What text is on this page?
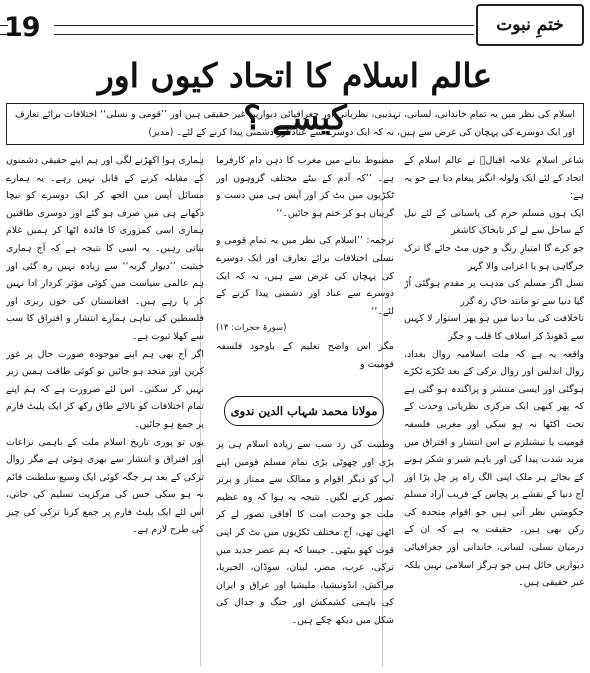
19	ختمِ نبوت
عالم اسلام کا اتحاد کیوں اور کیسے ؟
اسلام کی نظر میں یہ تمام خاندانی، لسانی، تہذیبی، نظریاتی اور جغرافیائی دیواریں غیر حقیقی ہیں اور ’’قومی و نسلی‘‘ اختلافات برائے تعارف اور ایک دوسرے کی پہچان کی غرض سے ہیں، نہ کہ ایک دوسرے سے عناد اور دشمنی پیدا کرنے کے لئے۔ (مدیر)

شاعر اسلام علامہ اقبالؒ نے عالم اسلام کے اتحاد کے لئے ایک ولولہ انگیز پیغام دیا ہے جو یہ ہے:

ایک ہوں مسلم حرم کی پاسبانی کے لئے نیل کے ساحل سے لے کر تابخاک کاشغر

جو کرے گا امتیازِ رنگ و خوں مٹ جائے گا ترک خرگاہی ہو یا اعرابی والا گہر

نسل اگر مسلم کی مذہب پر مقدم ہوگئی اُڑ گیا دنیا سے تو مانند خاکِ رہ گزر

تاخلافت کی بنا دنیا میں ہو پھر استوار لا کہیں سے ڈھونڈ کر اسلاف کا قلب و جگر

واقعہ یہ ہے کہ ملت اسلامیہ زوال بغداد، زوال اندلس اور زوال ترکی کے بعد ٹکڑے ٹکڑے ہوگئی اور ایسی منتشر و پراگندہ ہو گئی ہے کہ پھر کبھی ایک مرکزی نظریاتی وحدت کے تحت اکٹھا نہ ہو سکی اور مغربی فلسفہ قومیت یا نیشنلزم نے اس انتشار و افتراق میں مزید شدت پیدا کی اور باہم شیر و شکر ہونے کے بجائے ہر ملک اپنی الگ راہ پر چل پڑا اور آج دنیا کے نقشے پر پچاس کے قریب آزاد مسلم حکومتیں نظر آتی ہیں جو اقوام متحدہ کی رکن بھی ہیں۔ حقیقت یہ ہے کہ ان کے درمیان نسلی، لسانی، خاندانی اور جغرافیائی دیواریں حائل ہیں جو ہرگز اسلامی نہیں بلکہ غیر حقیقی ہیں۔

مضبوط بنانے میں مغرب کا ذہن دام کارفرما ہے۔ ’’کہ آدم کے بیٹے مختلف گروہوں اور ٹکڑیوں میں بٹ کر اور آپس ہی میں دست و گریبان ہو کر ختم ہو جائیں۔‘‘

ترجمہ: ’’اسلام کی نظر میں یہ تمام قومی و نسلی اختلافات برائے تعارف اور ایک دوسرے کی پہچان کی غرض سے ہیں، نہ کہ ایک دوسرے سے عناد اور دشمنی پیدا کرنے کے لئے۔‘‘

(سورۃ حجرات: ۱۳)

مگر اس واضح تعلیم کے باوجود فلسفہ قومیت و

مولانا محمد شہاب الدین ندوی

وطنیت کی زد سب سے زیادہ اسلام ہی پر پڑی اور چھوٹی بڑی تمام مسلم قومیں اپنے آپ کو دیگر اقوام و ممالک سے ممتاز و برتر تصور کرنے لگیں۔ نتیجہ یہ ہوا کہ وہ عظیم ملت جو وحدت امت کا آفاقی تصور لے کر اٹھی تھی، آج مختلف ٹکڑیوں میں بٹ کر اپنی قوت کھو بیٹھی۔ جیسا کہ ہم عصر جدید میں ترکی، عرب، مصر، لبنان، سوڈان، الجیریا، مراکش، انڈونیشیا، ملیشیا اور عراق و ایران کی باہمی کشمکش اور جنگ و جدال کی شکل میں دیکھ چکے ہیں۔

ہماری ہوا اکھڑنے لگی اور ہم اپنے حقیقی دشمنوں کے مقابلہ کرنے کے قابل نہیں رہے۔ یہ ہمارے مسائل آپس میں الجھ کر ایک دوسرے کو نیچا دکھانے ہی میں صرف ہو گئے اور دوسری طاقتیں ہماری اسی کمزوری کا فائدہ اٹھا کر ہمیں غلام بناتی رہیں۔ یہ اسی کا نتیجہ ہے کہ آج ہماری حیثیت ’’دیوار گریہ‘‘ سے زیادہ نہیں رہ گئی اور ہم عالمی سیاست میں کوئی مؤثر کردار ادا نہیں کر پا رہے ہیں۔ افغانستان کی خون ریزی اور فلسطین کی تباہی ہمارے انتشار و افتراق کا سب سے کھلا ثبوت ہے۔

اگر آج بھی ہم اپنے موجودہ صورت حال پر غور کریں اور متحد ہو جائیں تو کوئی طاقت ہمیں زیر نہیں کر سکتی۔ اس لئے ضرورت ہے کہ ہم اپنے تمام اختلافات کو بالائے طاق رکھ کر ایک پلیٹ فارم پر جمع ہو جائیں۔

یوں تو پوری تاریخ اسلام ملت کے باہمی نزاعات اور افتراق و انتشار سے بھری ہوئی ہے مگر زوال ترکی کے بعد ہر جگہ کوئی ایک وسیع سلطنت قائم نہ ہو سکی جس کی مرکزیت تسلیم کی جاتی، اس لئے ایک پلیٹ فارم پر جمع کرنا ترکی کی چیز کی طرح لازم ہے۔
